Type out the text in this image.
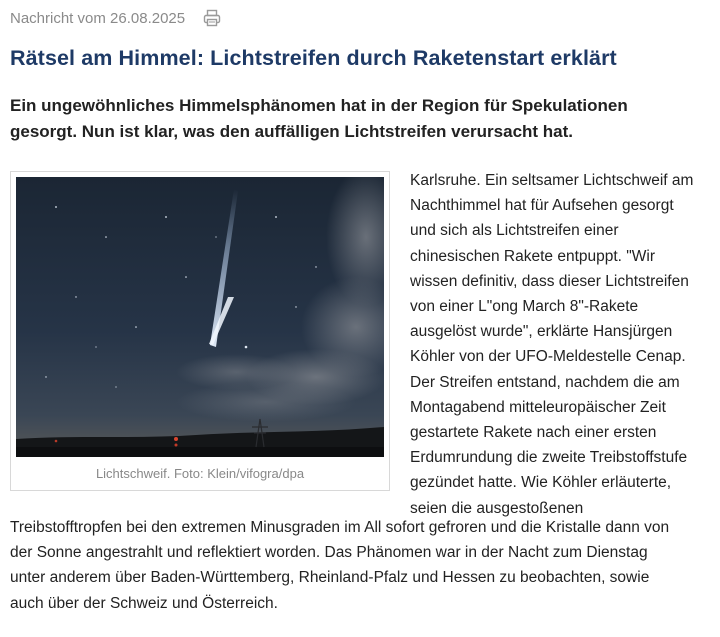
Nachricht vom 26.08.2025
Rätsel am Himmel: Lichtstreifen durch Raketenstart erklärt

Ein ungewöhnliches Himmelsphänomen hat in der Region für Spekulationen gesorgt. Nun ist klar, was den auffälligen Lichtstreifen verursacht hat.

Lichtschweif. Foto: Klein/vifogra/dpa

Karlsruhe. Ein seltsamer Lichtschweif am
Nachthimmel hat für Aufsehen gesorgt
und sich als Lichtstreifen einer
chinesischen Rakete entpuppt. "Wir
wissen definitiv, dass dieser Lichtstreifen
von einer L"ong March 8"-Rakete
ausgelöst wurde", erklärte Hansjürgen
Köhler von der UFO-Meldestelle Cenap.
Der Streifen entstand, nachdem die am
Montagabend mitteleuropäischer Zeit
gestartete Rakete nach einer ersten
Erdumrundung die zweite Treibstoffstufe
gezündet hatte. Wie Köhler erläuterte,
seien die ausgestoßenen

Treibstofftropfen bei den extremen Minusgraden im All sofort gefroren und die Kristalle dann von
der Sonne angestrahlt und reflektiert worden. Das Phänomen war in der Nacht zum Dienstag
unter anderem über Baden-Württemberg, Rheinland-Pfalz und Hessen zu beobachten, sowie
auch über der Schweiz und Österreich.
